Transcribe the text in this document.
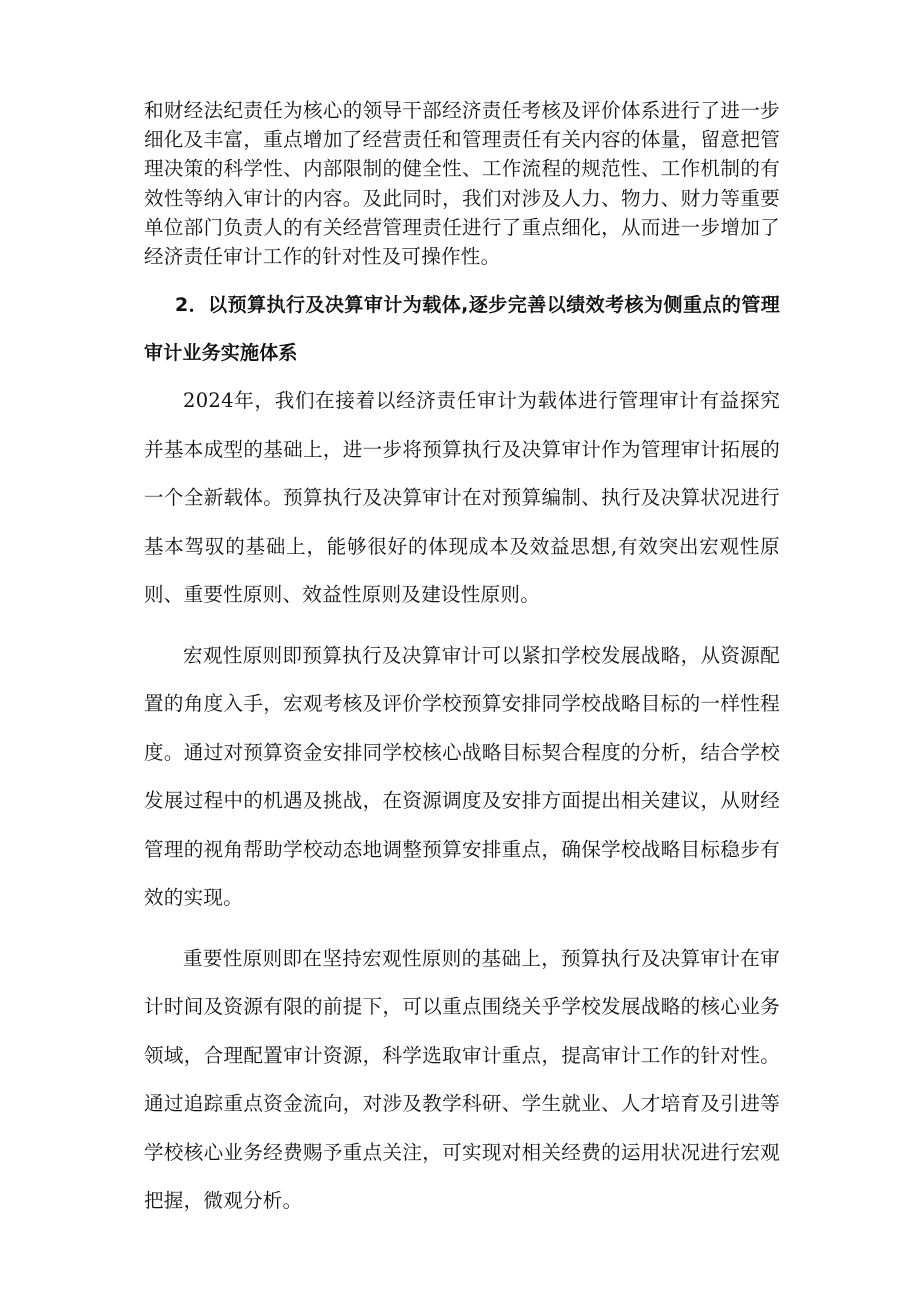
和财经法纪责任为核心的领导干部经济责任考核及评价体系进行了进一步细化及丰富，重点增加了经营责任和管理责任有关内容的体量，留意把管理决策的科学性、内部限制的健全性、工作流程的规范性、工作机制的有效性等纳入审计的内容。及此同时，我们对涉及人力、物力、财力等重要单位部门负责人的有关经营管理责任进行了重点细化，从而进一步增加了经济责任审计工作的针对性及可操作性。

2．以预算执行及决算审计为载体,逐步完善以绩效考核为侧重点的管理审计业务实施体系

2024年，我们在接着以经济责任审计为载体进行管理审计有益探究并基本成型的基础上，进一步将预算执行及决算审计作为管理审计拓展的一个全新载体。预算执行及决算审计在对预算编制、执行及决算状况进行基本驾驭的基础上，能够很好的体现成本及效益思想,有效突出宏观性原则、重要性原则、效益性原则及建设性原则。

宏观性原则即预算执行及决算审计可以紧扣学校发展战略，从资源配置的角度入手，宏观考核及评价学校预算安排同学校战略目标的一样性程度。通过对预算资金安排同学校核心战略目标契合程度的分析，结合学校发展过程中的机遇及挑战，在资源调度及安排方面提出相关建议，从财经管理的视角帮助学校动态地调整预算安排重点，确保学校战略目标稳步有效的实现。

重要性原则即在坚持宏观性原则的基础上，预算执行及决算审计在审计时间及资源有限的前提下，可以重点围绕关乎学校发展战略的核心业务领域，合理配置审计资源，科学选取审计重点，提高审计工作的针对性。通过追踪重点资金流向，对涉及教学科研、学生就业、人才培育及引进等学校核心业务经费赐予重点关注，可实现对相关经费的运用状况进行宏观把握，微观分析。
